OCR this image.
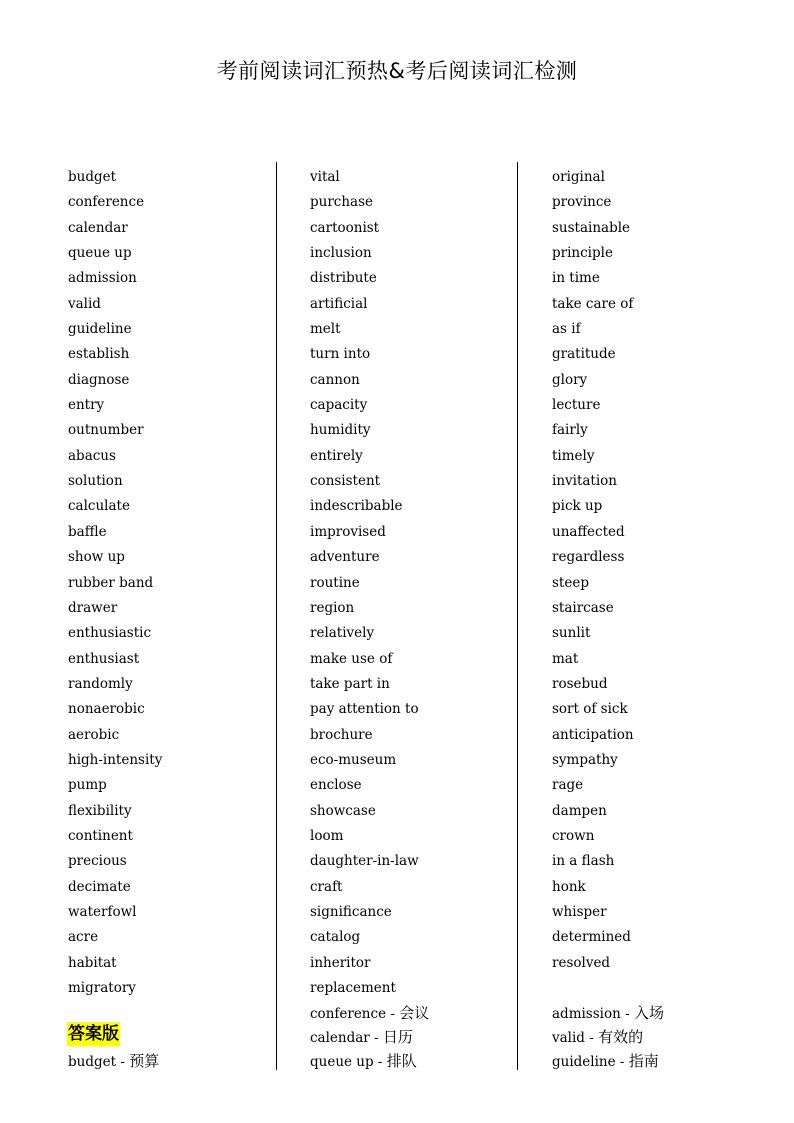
考前阅读词汇预热&考后阅读词汇检测
budget
conference
calendar
queue up
admission
valid
guideline
establish
diagnose
entry
outnumber
abacus
solution
calculate
baffle
show up
rubber band
drawer
enthusiastic
enthusiast
randomly
nonaerobic
aerobic
high-intensity
pump
flexibility
continent
precious
decimate
waterfowl
acre
habitat
migratory
vital
purchase
cartoonist
inclusion
distribute
artificial
melt
turn into
cannon
capacity
humidity
entirely
consistent
indescribable
improvised
adventure
routine
region
relatively
make use of
take part in
pay attention to
brochure
eco-museum
enclose
showcase
loom
daughter-in-law
craft
significance
catalog
inheritor
replacement
original
province
sustainable
principle
in time
take care of
as if
gratitude
glory
lecture
fairly
timely
invitation
pick up
unaffected
regardless
steep
staircase
sunlit
mat
rosebud
sort of sick
anticipation
sympathy
rage
dampen
crown
in a flash
honk
whisper
determined
resolved
答案版
budget - 预算
conference - 会议
calendar - 日历
queue up - 排队
admission - 入场
valid - 有效的
guideline - 指南
